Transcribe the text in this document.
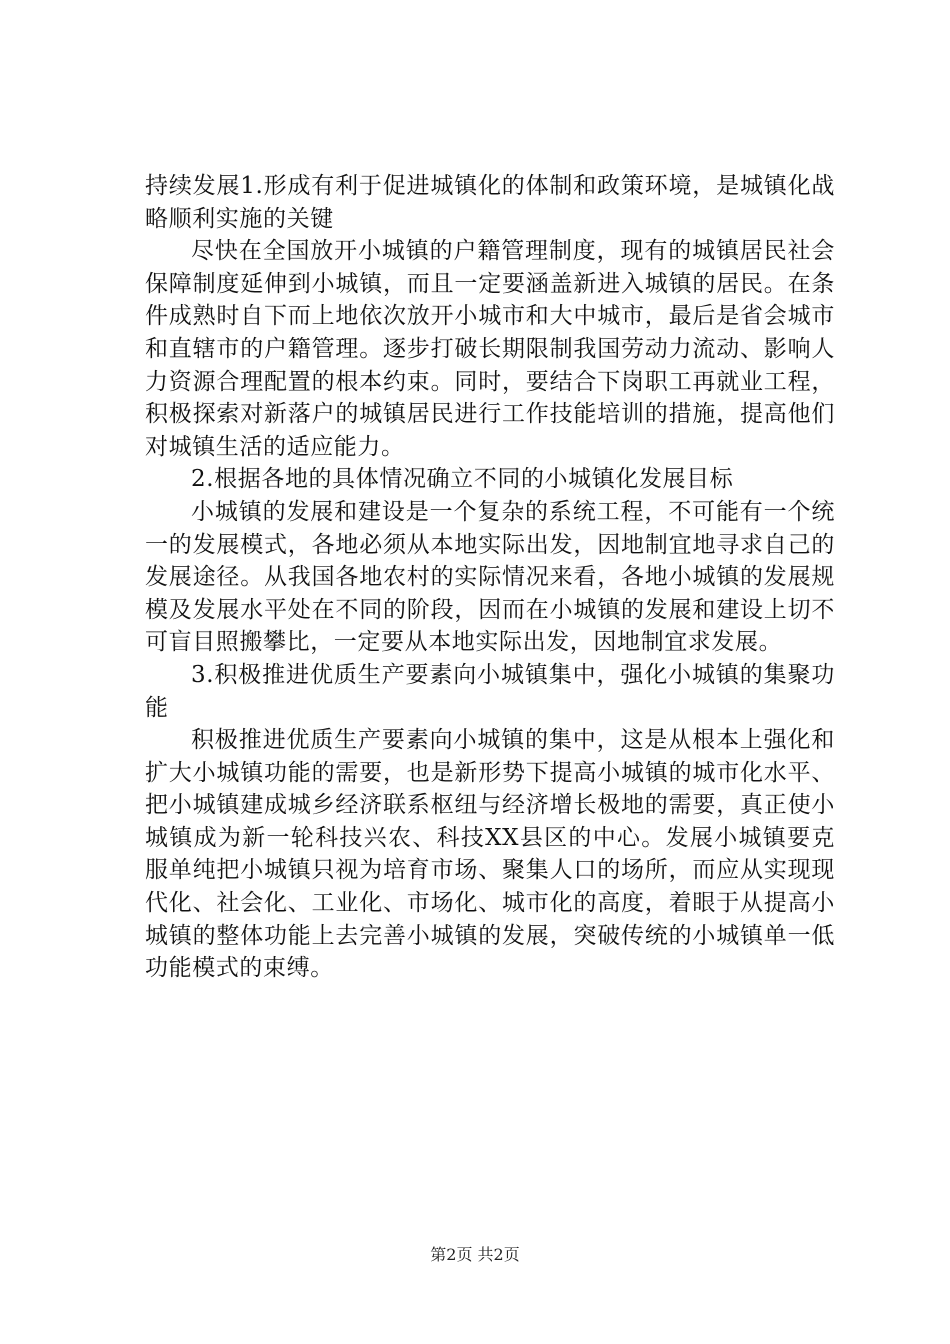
持续发展1.形成有利于促进城镇化的体制和政策环境，是城镇化战略顺利实施的关键

尽快在全国放开小城镇的户籍管理制度，现有的城镇居民社会保障制度延伸到小城镇，而且一定要涵盖新进入城镇的居民。在条件成熟时自下而上地依次放开小城市和大中城市，最后是省会城市和直辖市的户籍管理。逐步打破长期限制我国劳动力流动、影响人力资源合理配置的根本约束。同时，要结合下岗职工再就业工程，积极探索对新落户的城镇居民进行工作技能培训的措施，提高他们对城镇生活的适应能力。

2.根据各地的具体情况确立不同的小城镇化发展目标

小城镇的发展和建设是一个复杂的系统工程，不可能有一个统一的发展模式，各地必须从本地实际出发，因地制宜地寻求自己的发展途径。从我国各地农村的实际情况来看，各地小城镇的发展规模及发展水平处在不同的阶段，因而在小城镇的发展和建设上切不可盲目照搬攀比，一定要从本地实际出发，因地制宜求发展。

3.积极推进优质生产要素向小城镇集中，强化小城镇的集聚功能

积极推进优质生产要素向小城镇的集中，这是从根本上强化和扩大小城镇功能的需要，也是新形势下提高小城镇的城市化水平、把小城镇建成城乡经济联系枢纽与经济增长极地的需要，真正使小城镇成为新一轮科技兴农、科技XX县区的中心。发展小城镇要克服单纯把小城镇只视为培育市场、聚集人口的场所，而应从实现现代化、社会化、工业化、市场化、城市化的高度，着眼于从提高小城镇的整体功能上去完善小城镇的发展，突破传统的小城镇单一低功能模式的束缚。

第2页 共2页
